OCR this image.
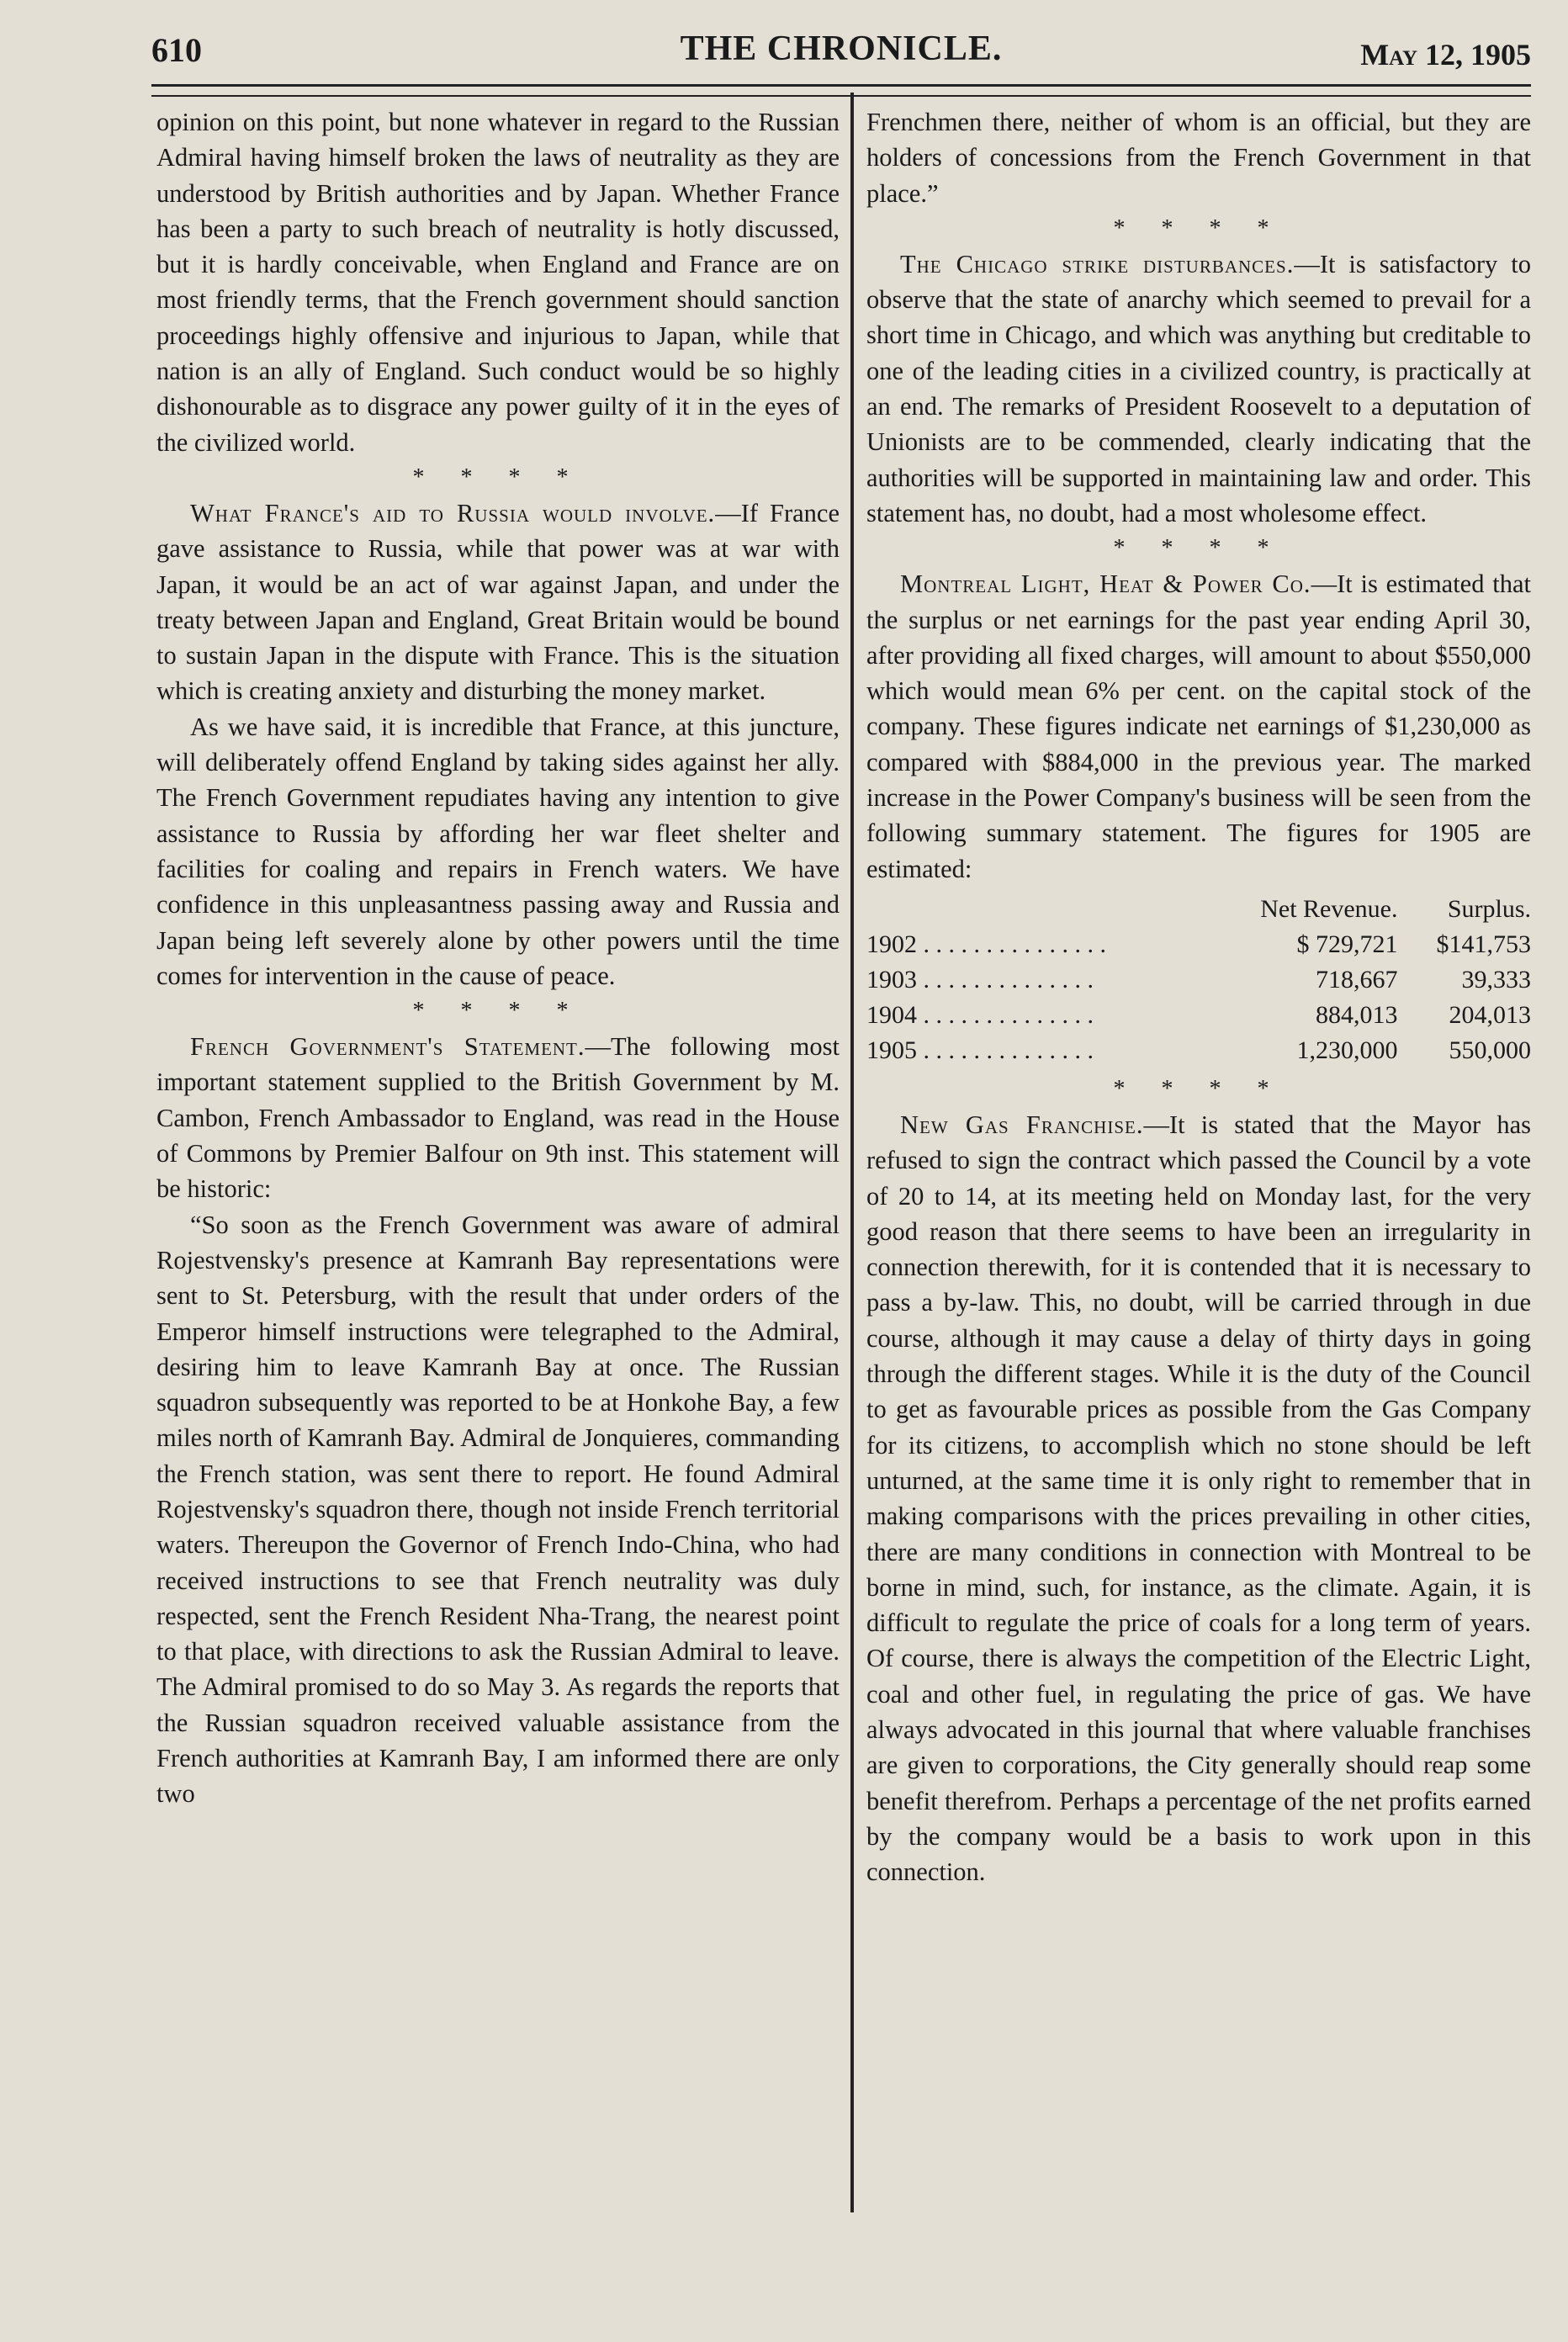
610	THE CHRONICLE.	May 12, 1905

opinion on this point, but none whatever in regard to the Russian Admiral having himself broken the laws of neutrality as they are understood by British authorities and by Japan. Whether France has been a party to such breach of neutrality is hotly discussed, but it is hardly conceivable, when England and France are on most friendly terms, that the French government should sanction proceedings highly offensive and injurious to Japan, while that nation is an ally of England. Such conduct would be so highly dishonourable as to disgrace any power guilty of it in the eyes of the civilized world.

* * * *

What France's aid to Russia would involve.—If France gave assistance to Russia, while that power was at war with Japan, it would be an act of war against Japan, and under the treaty between Japan and England, Great Britain would be bound to sustain Japan in the dispute with France. This is the situation which is creating anxiety and disturbing the money market.

As we have said, it is incredible that France, at this juncture, will deliberately offend England by taking sides against her ally. The French Government repudiates having any intention to give assistance to Russia by affording her war fleet shelter and facilities for coaling and repairs in French waters. We have confidence in this unpleasantness passing away and Russia and Japan being left severely alone by other powers until the time comes for intervention in the cause of peace.

* * * *

French Government's Statement.—The following most important statement supplied to the British Government by M. Cambon, French Ambassador to England, was read in the House of Commons by Premier Balfour on 9th inst. This statement will be historic:

“So soon as the French Government was aware of admiral Rojestvensky's presence at Kamranh Bay representations were sent to St. Petersburg, with the result that under orders of the Emperor himself instructions were telegraphed to the Admiral, desiring him to leave Kamranh Bay at once. The Russian squadron subsequently was reported to be at Honkohe Bay, a few miles north of Kamranh Bay. Admiral de Jonquieres, commanding the French station, was sent there to report. He found Admiral Rojestvensky's squadron there, though not inside French territorial waters. Thereupon the Governor of French Indo-China, who had received instructions to see that French neutrality was duly respected, sent the French Resident Nha-Trang, the nearest point to that place, with directions to ask the Russian Admiral to leave. The Admiral promised to do so May 3. As regards the reports that the Russian squadron received valuable assistance from the French authorities at Kamranh Bay, I am informed there are only two

Frenchmen there, neither of whom is an official, but they are holders of concessions from the French Government in that place.”

* * * *

The Chicago strike disturbances.—It is satisfactory to observe that the state of anarchy which seemed to prevail for a short time in Chicago, and which was anything but creditable to one of the leading cities in a civilized country, is practically at an end. The remarks of President Roosevelt to a deputation of Unionists are to be commended, clearly indicating that the authorities will be supported in maintaining law and order. This statement has, no doubt, had a most wholesome effect.

* * * *

Montreal Light, Heat & Power Co.—It is estimated that the surplus or net earnings for the past year ending April 30, after providing all fixed charges, will amount to about $550,000 which would mean 6% per cent. on the capital stock of the company. These figures indicate net earnings of $1,230,000 as compared with $884,000 in the previous year. The marked increase in the Power Company's business will be seen from the following summary statement. The figures for 1905 are estimated:

	Net Revenue.	Surplus.
1902 . . . . . . . . . . . . . . .	$ 729,721	$141,753
1903 . . . . . . . . . . . . . .	718,667	39,333
1904 . . . . . . . . . . . . . .	884,013	204,013
1905 . . . . . . . . . . . . . .	1,230,000	550,000
* * * *

New Gas Franchise.—It is stated that the Mayor has refused to sign the contract which passed the Council by a vote of 20 to 14, at its meeting held on Monday last, for the very good reason that there seems to have been an irregularity in connection therewith, for it is contended that it is necessary to pass a by-law. This, no doubt, will be carried through in due course, although it may cause a delay of thirty days in going through the different stages. While it is the duty of the Council to get as favourable prices as possible from the Gas Company for its citizens, to accomplish which no stone should be left unturned, at the same time it is only right to remember that in making comparisons with the prices prevailing in other cities, there are many conditions in connection with Montreal to be borne in mind, such, for instance, as the climate. Again, it is difficult to regulate the price of coals for a long term of years. Of course, there is always the competition of the Electric Light, coal and other fuel, in regulating the price of gas. We have always advocated in this journal that where valuable franchises are given to corporations, the City generally should reap some benefit therefrom. Perhaps a percentage of the net profits earned by the company would be a basis to work upon in this connection.
